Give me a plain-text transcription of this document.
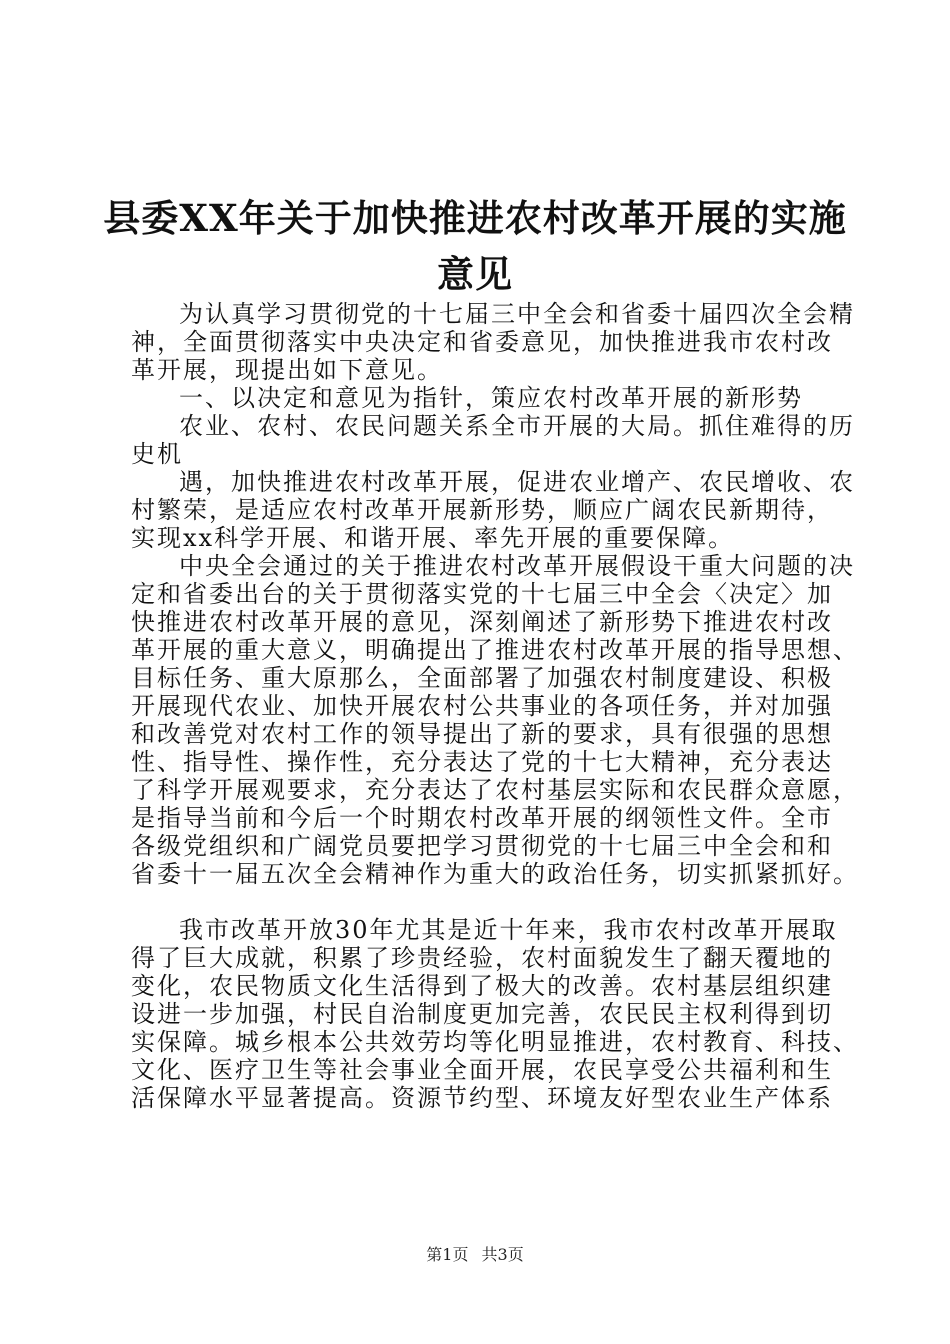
县委XX年关于加快推进农村改革开展的实施
意见
为认真学习贯彻党的十七届三中全会和省委十届四次全会精
神，全面贯彻落实中央决定和省委意见，加快推进我市农村改
革开展，现提出如下意见。
一、以决定和意见为指针，策应农村改革开展的新形势
农业、农村、农民问题关系全市开展的大局。抓住难得的历
史机
遇，加快推进农村改革开展，促进农业增产、农民增收、农
村繁荣，是适应农村改革开展新形势，顺应广阔农民新期待，
实现xx科学开展、和谐开展、率先开展的重要保障。
中央全会通过的关于推进农村改革开展假设干重大问题的决
定和省委出台的关于贯彻落实党的十七届三中全会〈决定〉加
快推进农村改革开展的意见，深刻阐述了新形势下推进农村改
革开展的重大意义，明确提出了推进农村改革开展的指导思想、
目标任务、重大原那么，全面部署了加强农村制度建设、积极
开展现代农业、加快开展农村公共事业的各项任务，并对加强
和改善党对农村工作的领导提出了新的要求，具有很强的思想
性、指导性、操作性，充分表达了党的十七大精神，充分表达
了科学开展观要求，充分表达了农村基层实际和农民群众意愿，
是指导当前和今后一个时期农村改革开展的纲领性文件。全市
各级党组织和广阔党员要把学习贯彻党的十七届三中全会和和
省委十一届五次全会精神作为重大的政治任务，切实抓紧抓好。
我市改革开放30年尤其是近十年来，我市农村改革开展取
得了巨大成就，积累了珍贵经验，农村面貌发生了翻天覆地的
变化，农民物质文化生活得到了极大的改善。农村基层组织建
设进一步加强，村民自治制度更加完善，农民民主权利得到切
实保障。城乡根本公共效劳均等化明显推进，农村教育、科技、
文化、医疗卫生等社会事业全面开展，农民享受公共福利和生
活保障水平显著提高。资源节约型、环境友好型农业生产体系
第1页 共3页
